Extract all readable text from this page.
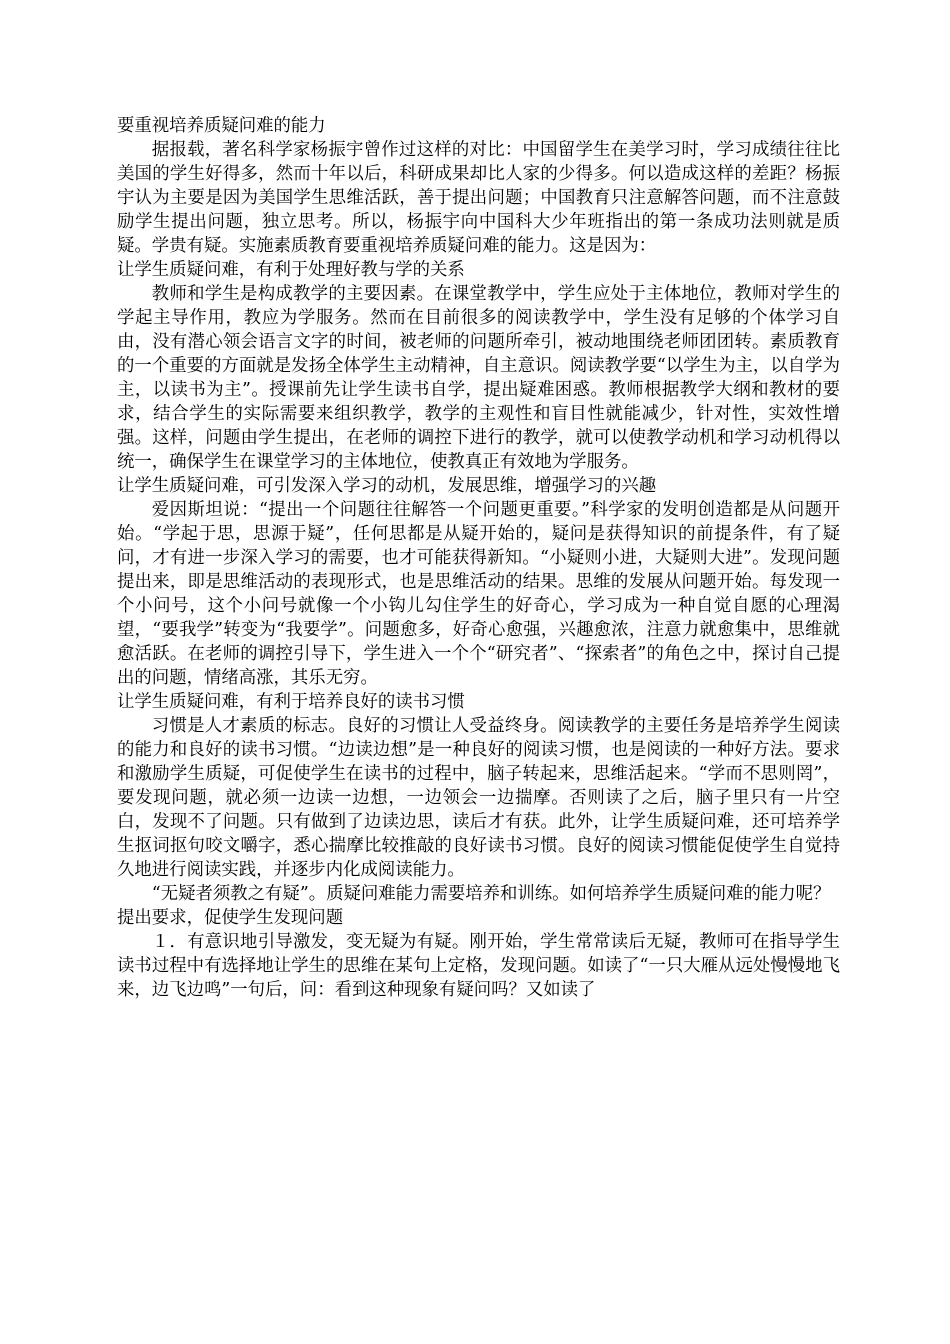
要重视培养质疑问难的能力

据报载，著名科学家杨振宇曾作过这样的对比：中国留学生在美学习时，学习成绩往往比美国的学生好得多，然而十年以后，科研成果却比人家的少得多。何以造成这样的差距？杨振宇认为主要是因为美国学生思维活跃，善于提出问题；中国教育只注意解答问题，而不注意鼓励学生提出问题，独立思考。所以，杨振宇向中国科大少年班指出的第一条成功法则就是质疑。学贵有疑。实施素质教育要重视培养质疑问难的能力。这是因为：

让学生质疑问难，有利于处理好教与学的关系

教师和学生是构成教学的主要因素。在课堂教学中，学生应处于主体地位，教师对学生的学起主导作用，教应为学服务。然而在目前很多的阅读教学中，学生没有足够的个体学习自由，没有潜心领会语言文字的时间，被老师的问题所牵引，被动地围绕老师团团转。素质教育的一个重要的方面就是发扬全体学生主动精神，自主意识。阅读教学要“以学生为主，以自学为主，以读书为主”。授课前先让学生读书自学，提出疑难困惑。教师根据教学大纲和教材的要求，结合学生的实际需要来组织教学，教学的主观性和盲目性就能减少，针对性，实效性增强。这样，问题由学生提出，在老师的调控下进行的教学，就可以使教学动机和学习动机得以统一，确保学生在课堂学习的主体地位，使教真正有效地为学服务。

让学生质疑问难，可引发深入学习的动机，发展思维，增强学习的兴趣

爱因斯坦说：“提出一个问题往往解答一个问题更重要。”科学家的发明创造都是从问题开始。“学起于思，思源于疑”，任何思都是从疑开始的，疑问是获得知识的前提条件，有了疑问，才有进一步深入学习的需要，也才可能获得新知。“小疑则小进，大疑则大进”。发现问题提出来，即是思维活动的表现形式，也是思维活动的结果。思维的发展从问题开始。每发现一个小问号，这个小问号就像一个小钩儿勾住学生的好奇心，学习成为一种自觉自愿的心理渴望，“要我学”转变为“我要学”。问题愈多，好奇心愈强，兴趣愈浓，注意力就愈集中，思维就愈活跃。在老师的调控引导下，学生进入一个个“研究者”、“探索者”的角色之中，探讨自己提出的问题，情绪高涨，其乐无穷。

让学生质疑问难，有利于培养良好的读书习惯

习惯是人才素质的标志。良好的习惯让人受益终身。阅读教学的主要任务是培养学生阅读的能力和良好的读书习惯。“边读边想”是一种良好的阅读习惯，也是阅读的一种好方法。要求和激励学生质疑，可促使学生在读书的过程中，脑子转起来，思维活起来。“学而不思则罔”，要发现问题，就必须一边读一边想，一边领会一边揣摩。否则读了之后，脑子里只有一片空白，发现不了问题。只有做到了边读边思，读后才有获。此外，让学生质疑问难，还可培养学生抠词抠句咬文嚼字，悉心揣摩比较推敲的良好读书习惯。良好的阅读习惯能促使学生自觉持久地进行阅读实践，并逐步内化成阅读能力。

“无疑者须教之有疑”。质疑问难能力需要培养和训练。如何培养学生质疑问难的能力呢？

提出要求，促使学生发现问题

１．有意识地引导激发，变无疑为有疑。刚开始，学生常常读后无疑，教师可在指导学生读书过程中有选择地让学生的思维在某句上定格，发现问题。如读了“一只大雁从远处慢慢地飞来，边飞边鸣”一句后，问：看到这种现象有疑问吗？又如读了
